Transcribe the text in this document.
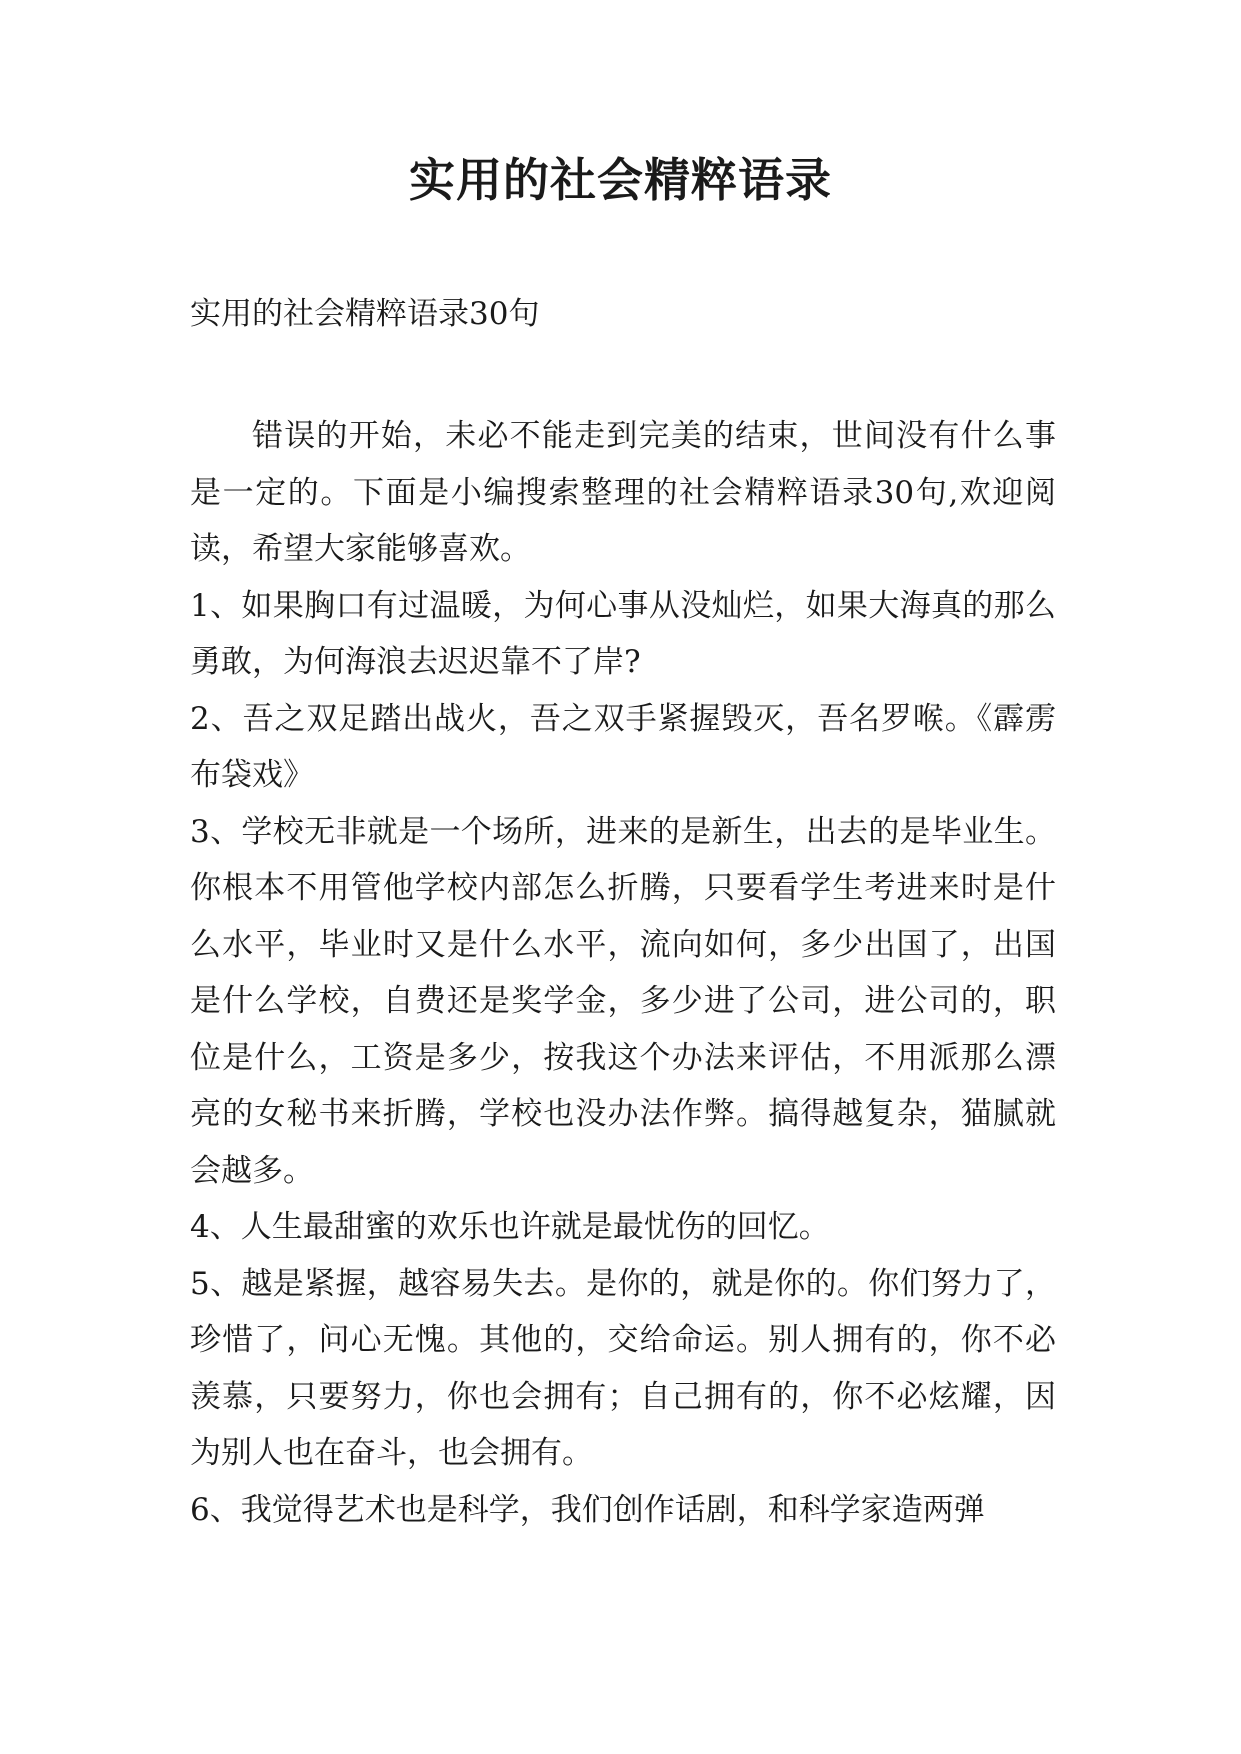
实用的社会精粹语录
实用的社会精粹语录30句

错误的开始，未必不能走到完美的结束，世间没有什么事是一定的。下面是小编搜索整理的社会精粹语录30句,欢迎阅读，希望大家能够喜欢。

1、如果胸口有过温暖，为何心事从没灿烂，如果大海真的那么勇敢，为何海浪去迟迟靠不了岸?

2、吾之双足踏出战火，吾之双手紧握毁灭，吾名罗喉。《霹雳布袋戏》

3、学校无非就是一个场所，进来的是新生，出去的是毕业生。你根本不用管他学校内部怎么折腾，只要看学生考进来时是什么水平，毕业时又是什么水平，流向如何，多少出国了，出国是什么学校，自费还是奖学金，多少进了公司，进公司的，职位是什么，工资是多少，按我这个办法来评估，不用派那么漂亮的女秘书来折腾，学校也没办法作弊。搞得越复杂，猫腻就会越多。

4、人生最甜蜜的欢乐也许就是最忧伤的回忆。

5、越是紧握，越容易失去。是你的，就是你的。你们努力了，珍惜了，问心无愧。其他的，交给命运。别人拥有的，你不必羡慕，只要努力，你也会拥有；自己拥有的，你不必炫耀，因为别人也在奋斗，也会拥有。

6、我觉得艺术也是科学，我们创作话剧，和科学家造两弹
